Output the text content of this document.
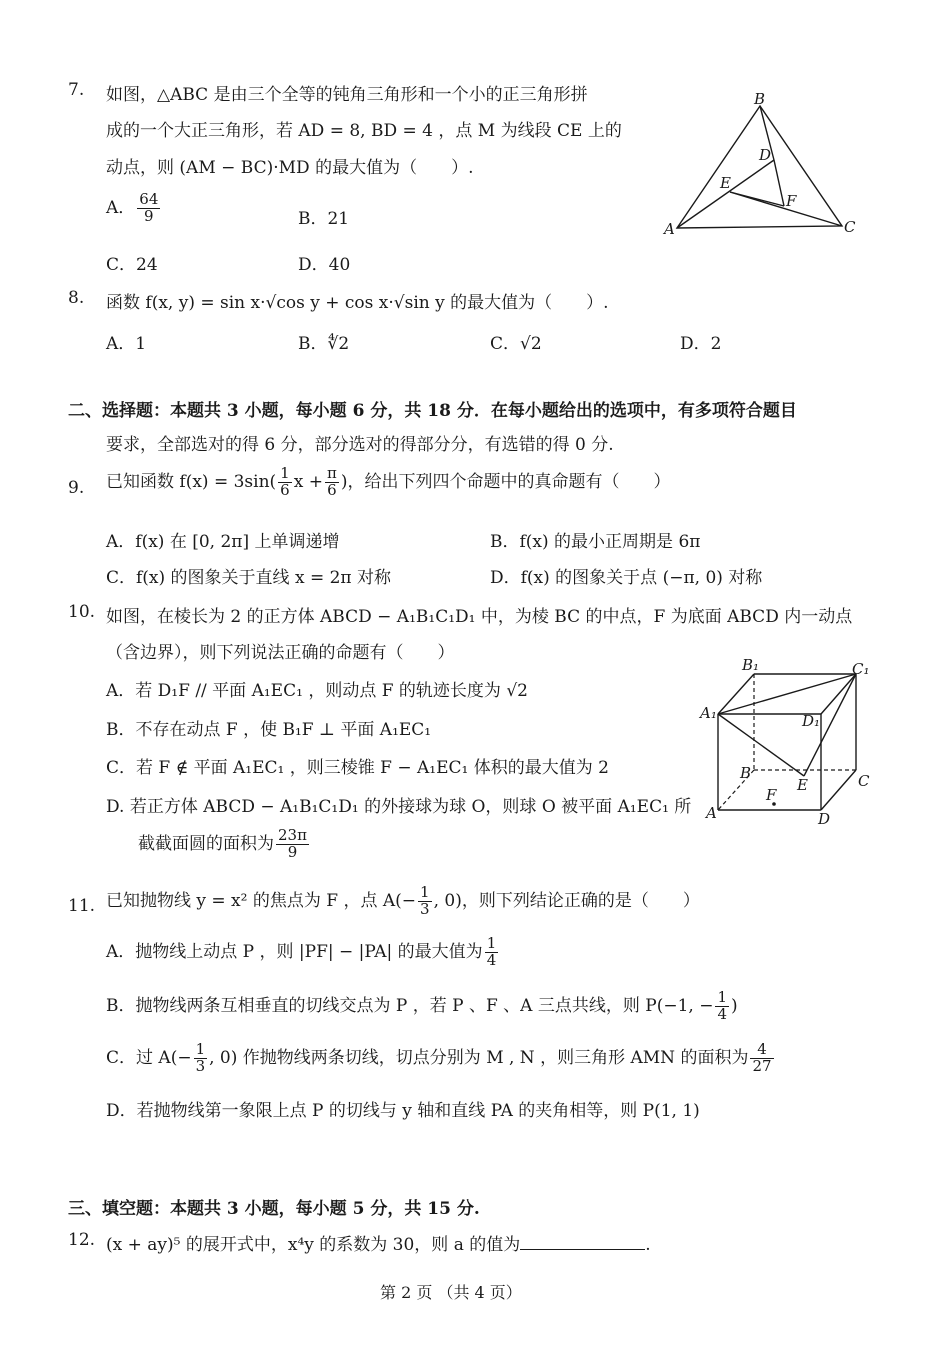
7. 如图，△ABC 是由三个全等的钝角三角形和一个小的正三角形拼
成的一个大正三角形，若 AD = 8, BD = 4 ，点 M 为线段 CE 上的
动点，则 (AM − BC)·MD 的最大值为（　　）.
A． $\frac{64}{9}$	B．21
C．24	D．40
A
B
C
D
E
F
8. 函数 f(x, y) = sin x·√cos y + cos x·√sin y 的最大值为（　　）.
A．1	B．∜2	C．√2	D．2
二、选择题：本题共 3 小题，每小题 6 分，共 18 分．在每小题给出的选项中，有多项符合题目
要求，全部选对的得 6 分，部分选对的得部分分，有选错的得 0 分.
9. 已知函数 $f(x) = 3\sin( \frac{1}{6}$ $x + \frac{\pi}{6}$ )，给出下列四个命题中的真命题有（　　）
A．f(x) 在 [0, 2π] 上单调递增	B．f(x) 的最小正周期是 6π
C．f(x) 的图象关于直线 x = 2π 对称	D．f(x) 的图象关于点 (−π, 0) 对称
10. 如图，在棱长为 2 的正方体 ABCD − A₁B₁C₁D₁ 中，为棱 BC 的中点，F 为底面 ABCD 内一动点
（含边界），则下列说法正确的命题有（　　）
A．若 D₁F // 平面 A₁EC₁ ，则动点 F 的轨迹长度为 √2
B．不存在动点 F ，使 B₁F ⊥ 平面 A₁EC₁
C．若 F ∉ 平面 A₁EC₁ ，则三棱锥 F − A₁EC₁ 体积的最大值为 2
D. 若正方体 ABCD − A₁B₁C₁D₁ 的外接球为球 O，则球 O 被平面 A₁EC₁ 所
截截面圆的面积为 $\frac{23\pi}{9}$
B₁	C₁
A₁	D₁
B	C
A	D
E
F
11. 已知抛物线 y = x² 的焦点为 F ，点 $A(- \frac{1}{3}$ , 0)，则下列结论正确的是（　　）
A．抛物线上动点 P ，则 |PF| − |PA| 的最大值为 $\frac{1}{4}$
B．抛物线两条互相垂直的切线交点为 P ，若 P 、F 、A 三点共线，则 P(−1, − $\frac{1}{4}$ )
C．过 $A(- \frac{1}{3}$ , 0) 作抛物线两条切线，切点分别为 M , N ，则三角形 AMN 的面积为 $\frac{4}{27}$
D．若抛物线第一象限上点 P 的切线与 y 轴和直线 PA 的夹角相等，则 P(1, 1)
三、填空题：本题共 3 小题，每小题 5 分，共 15 分.
12. (x + ay)⁵ 的展开式中，x⁴y 的系数为 30，则 a 的值为	.
第 2 页 （共 4 页）
